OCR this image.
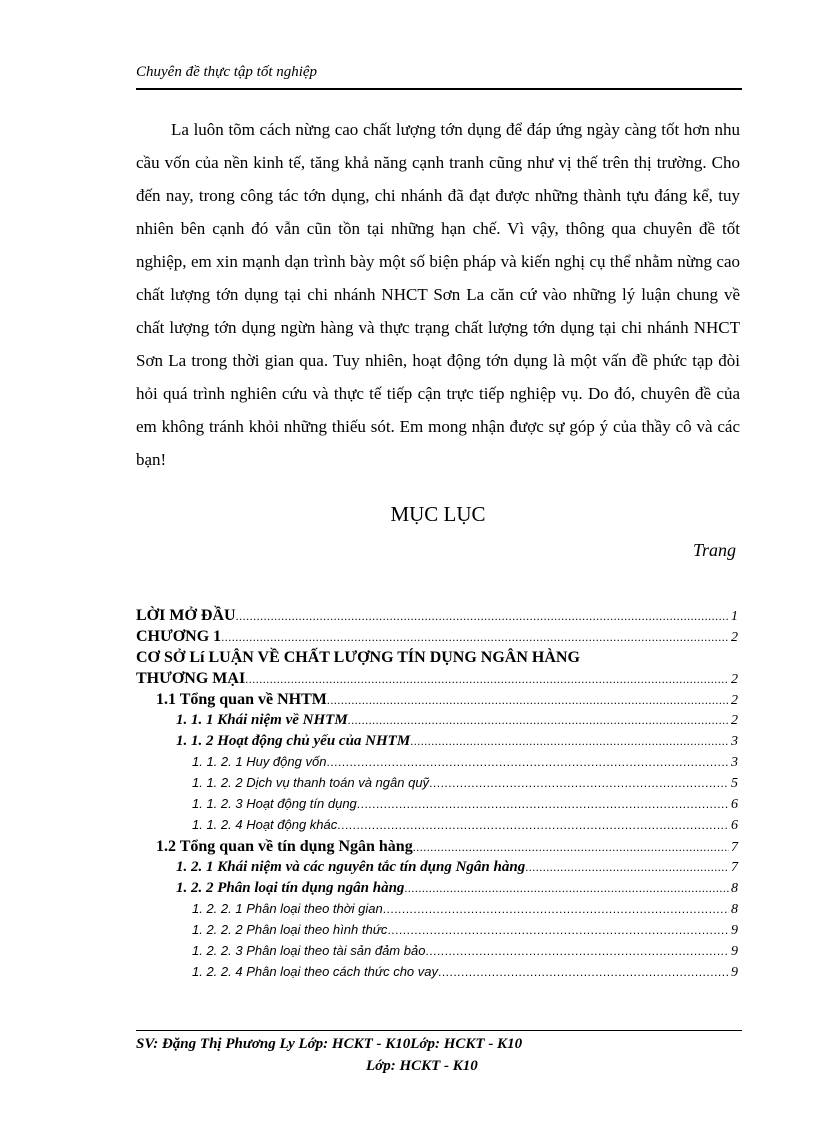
Chuyên đề thực tập tốt nghiệp

La luôn tõm cách nừng cao chất lượng tớn dụng để đáp ứng ngày càng tốt hơn nhu cầu vốn của nền kinh tế, tăng khả năng cạnh tranh cũng như vị thế trên thị trường. Cho đến nay, trong công tác tớn dụng, chi nhánh đã đạt được những thành tựu đáng kể, tuy nhiên bên cạnh đó vẫn cũn tồn tại những hạn chế. Vì vậy, thông qua chuyên đề tốt nghiệp, em xin mạnh dạn trình bày một số biện pháp và kiến nghị cụ thể nhằm nừng cao chất lượng tớn dụng tại chi nhánh NHCT Sơn La căn cứ vào những lý luận chung về chất lượng tớn dụng ngừn hàng và thực trạng chất lượng tớn dụng tại chi nhánh NHCT Sơn La trong thời gian qua. Tuy nhiên, hoạt động tớn dụng là một vấn đề phức tạp đòi hỏi quá trình nghiên cứu và thực tế tiếp cận trực tiếp nghiệp vụ. Do đó, chuyên đề của em không tránh khỏi những thiếu sót. Em mong nhận được sự góp ý của thầy cô và các bạn!

MỤC LỤC
Trang
LỜI MỞ ĐẦU .....	1
CHƯƠNG 1 .....	2
CƠ SỞ Lí LUẬN VỀ CHẤT LƯỢNG TÍN DỤNG NGÂN HÀNG
THƯƠNG MẠI .....	2
1.1 Tổng quan về NHTM .....	2
1. 1. 1 Khái niệm về NHTM .....	2
1. 1. 2 Hoạt động chủ yếu của NHTM .....	3
1. 1. 2. 1 Huy động vốn .....	3
1. 1. 2. 2 Dịch vụ thanh toán và ngân quỹ .....	5
1. 1. 2. 3 Hoạt động tín dụng .....	6
1. 1. 2. 4 Hoạt động khác .....	6
1.2 Tổng quan về tín dụng Ngân hàng .....	7
1. 2. 1 Khái niệm và các nguyên tắc tín dụng Ngân hàng .....	7
1. 2. 2 Phân loại tín dụng ngân hàng .....	8
1. 2. 2. 1 Phân loại theo thời gian .....	8
1. 2. 2. 2 Phân loại theo hình thức .....	9
1. 2. 2. 3 Phân loại theo tài sản đảm bảo .....	9
1. 2. 2. 4 Phân loại theo cách thức cho vay .....	9
SV: Đặng Thị Phương Ly Lớp: HCKT - K10Lớp: HCKT - K10
Lớp: HCKT - K10
